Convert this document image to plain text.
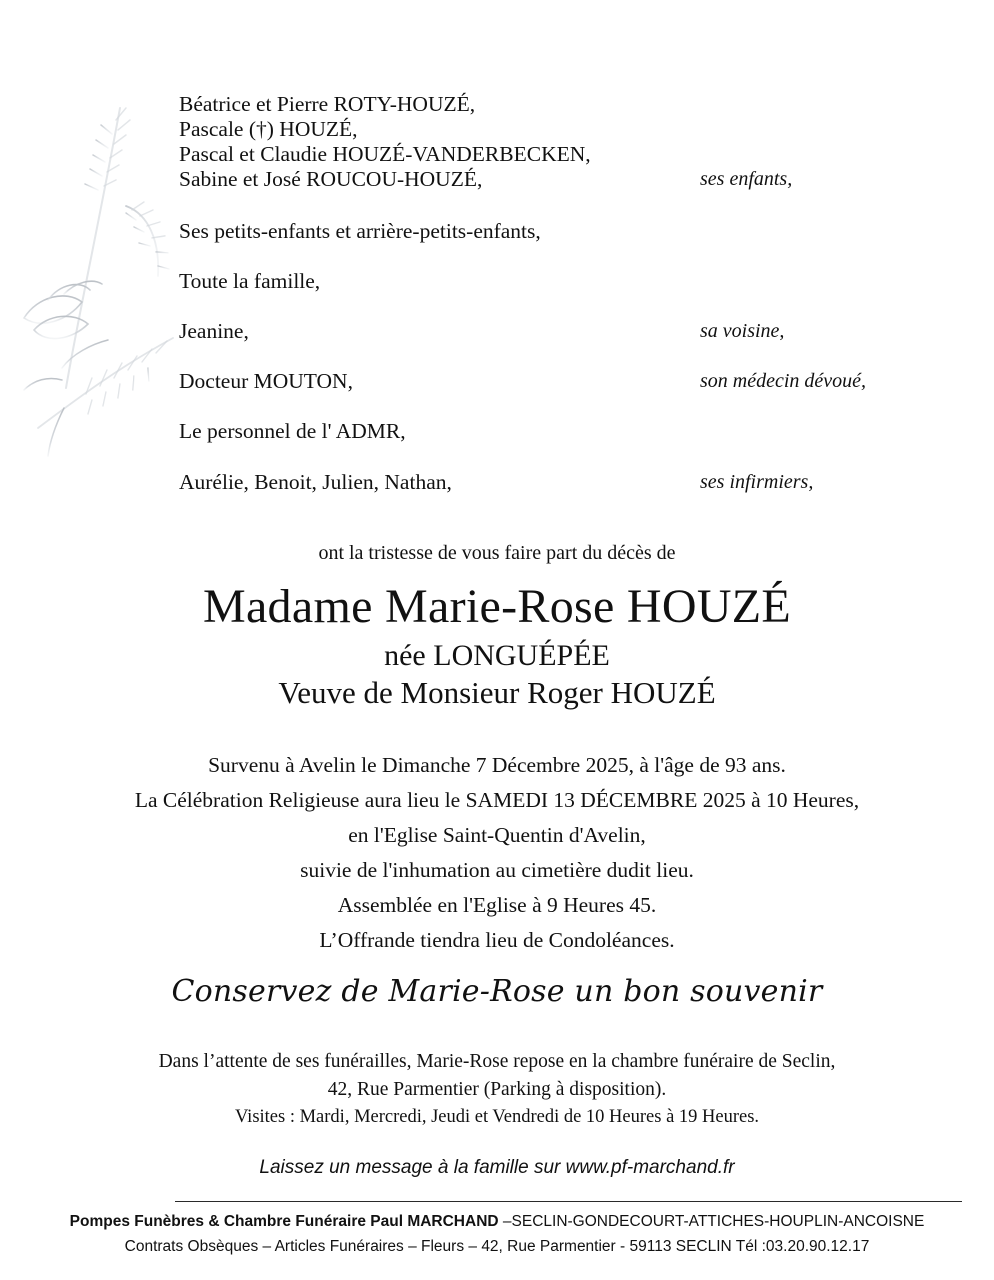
Béatrice et Pierre ROTY-HOUZÉ,
Pascale (†) HOUZÉ,
Pascal et Claudie HOUZÉ-VANDERBECKEN,
Sabine et José ROUCOU-HOUZÉ,	ses enfants,
Ses petits-enfants et arrière-petits-enfants,
Toute la famille,
Jeanine,	sa voisine,
Docteur MOUTON,	son médecin dévoué,
Le personnel de l' ADMR,
Aurélie, Benoit, Julien, Nathan,	ses infirmiers,
ont la tristesse de vous faire part du décès de
Madame Marie-Rose HOUZÉ
née LONGUÉPÉE
Veuve de Monsieur Roger HOUZÉ
Survenu à Avelin le Dimanche 7 Décembre 2025, à l'âge de 93 ans.
La Célébration Religieuse aura lieu le SAMEDI 13 DÉCEMBRE 2025 à 10 Heures,
en l'Eglise Saint-Quentin d'Avelin,
suivie de l'inhumation au cimetière dudit lieu.
Assemblée en l'Eglise à 9 Heures 45.
L’Offrande tiendra lieu de Condoléances.
Conservez de Marie-Rose un bon souvenir
Dans l’attente de ses funérailles, Marie-Rose repose en la chambre funéraire de Seclin,
42, Rue Parmentier (Parking à disposition).
Visites : Mardi, Mercredi, Jeudi et Vendredi de 10 Heures à 19 Heures.
Laissez un message à la famille sur www.pf-marchand.fr
Pompes Funèbres & Chambre Funéraire Paul MARCHAND –SECLIN-GONDECOURT-ATTICHES-HOUPLIN-ANCOISNE
Contrats Obsèques – Articles Funéraires – Fleurs – 42, Rue Parmentier - 59113 SECLIN Tél :03.20.90.12.17
